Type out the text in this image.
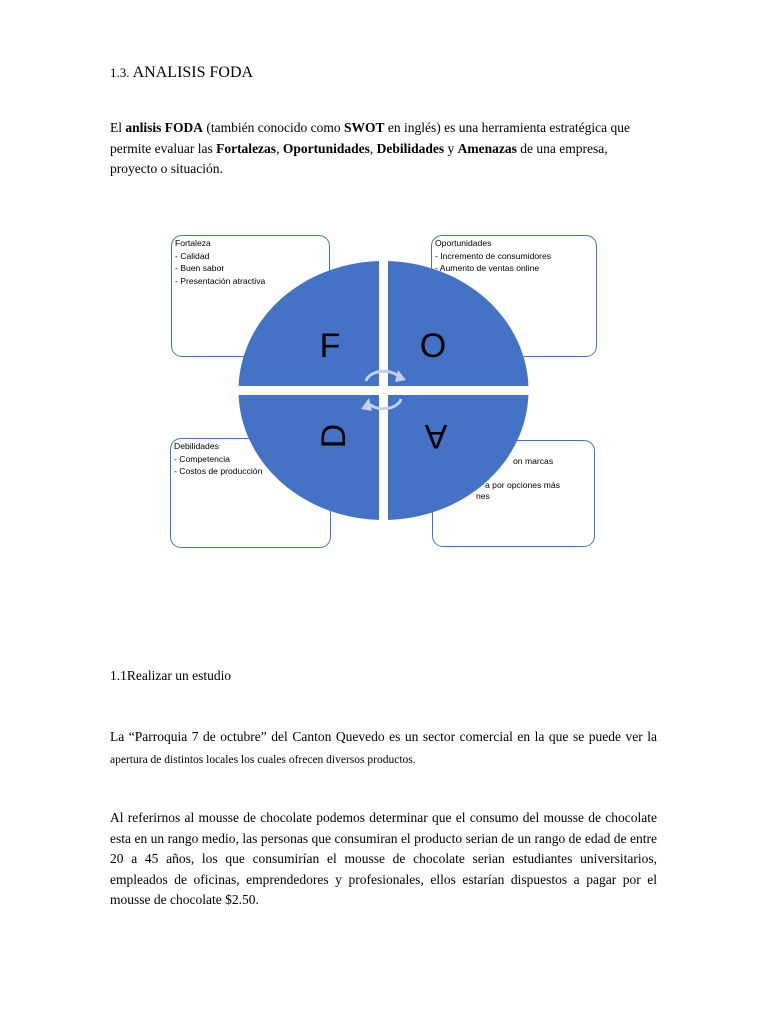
1.3. ANALISIS FODA
El anlisis FODA (también conocido como SWOT en inglés) es una herramienta estratégica que permite evaluar las Fortalezas, Oportunidades, Debilidades y Amenazas de una empresa, proyecto o situación.
Fortaleza
- Calidad
- Buen sabor
- Presentación atractiva
Oportunidades
- Incremento de consumidores
- Aumento de ventas online
Debilidades
- Competencia
- Costos de producción
on marcas
a por opciones más
nes
F O
D A
1.1Realizar un estudio
La “Parroquia 7 de octubre” del Canton Quevedo es un sector comercial en la que se puede ver la apertura de distintos locales los cuales ofrecen diversos productos.
Al referirnos al mousse de chocolate podemos determinar que el consumo del mousse de chocolate esta en un rango medio, las personas que consumiran el producto serian de un rango de edad de entre 20 a 45 años, los que consumirían el mousse de chocolate serian estudiantes universitarios, empleados de oficinas, emprendedores y profesionales, ellos estarían dispuestos a pagar por el mousse de chocolate $2.50.
